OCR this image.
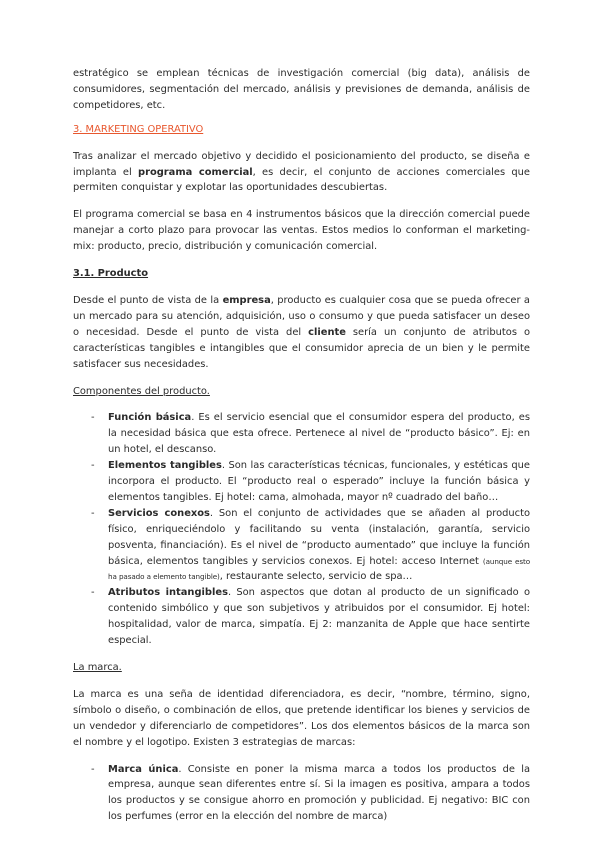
estratégico se emplean técnicas de investigación comercial (big data), análisis de consumidores, segmentación del mercado, análisis y previsiones de demanda, análisis de competidores, etc.

3. MARKETING OPERATIVO

Tras analizar el mercado objetivo y decidido el posicionamiento del producto, se diseña e implanta el programa comercial, es decir, el conjunto de acciones comerciales que permiten conquistar y explotar las oportunidades descubiertas.

El programa comercial se basa en 4 instrumentos básicos que la dirección comercial puede manejar a corto plazo para provocar las ventas. Estos medios lo conforman el marketing-mix: producto, precio, distribución y comunicación comercial.

3.1. Producto

Desde el punto de vista de la empresa, producto es cualquier cosa que se pueda ofrecer a un mercado para su atención, adquisición, uso o consumo y que pueda satisfacer un deseo o necesidad. Desde el punto de vista del cliente sería un conjunto de atributos o características tangibles e intangibles que el consumidor aprecia de un bien y le permite satisfacer sus necesidades.

Componentes del producto.

- Función básica. Es el servicio esencial que el consumidor espera del producto, es la necesidad básica que esta ofrece. Pertenece al nivel de “producto básico”. Ej: en un hotel, el descanso.
- Elementos tangibles. Son las características técnicas, funcionales, y estéticas que incorpora el producto. El “producto real o esperado” incluye la función básica y elementos tangibles. Ej hotel: cama, almohada, mayor nº cuadrado del baño…
- Servicios conexos. Son el conjunto de actividades que se añaden al producto físico, enriqueciéndolo y facilitando su venta (instalación, garantía, servicio posventa, financiación). Es el nivel de “producto aumentado” que incluye la función básica, elementos tangibles y servicios conexos. Ej hotel: acceso Internet (aunque esto ha pasado a elemento tangible), restaurante selecto, servicio de spa…
- Atributos intangibles. Son aspectos que dotan al producto de un significado o contenido simbólico y que son subjetivos y atribuidos por el consumidor. Ej hotel: hospitalidad, valor de marca, simpatía. Ej 2: manzanita de Apple que hace sentirte especial.

La marca.

La marca es una seña de identidad diferenciadora, es decir, “nombre, término, signo, símbolo o diseño, o combinación de ellos, que pretende identificar los bienes y servicios de un vendedor y diferenciarlo de competidores”. Los dos elementos básicos de la marca son el nombre y el logotipo. Existen 3 estrategias de marcas:

- Marca única. Consiste en poner la misma marca a todos los productos de la empresa, aunque sean diferentes entre sí. Si la imagen es positiva, ampara a todos los productos y se consigue ahorro en promoción y publicidad. Ej negativo: BIC con los perfumes (error en la elección del nombre de marca)
